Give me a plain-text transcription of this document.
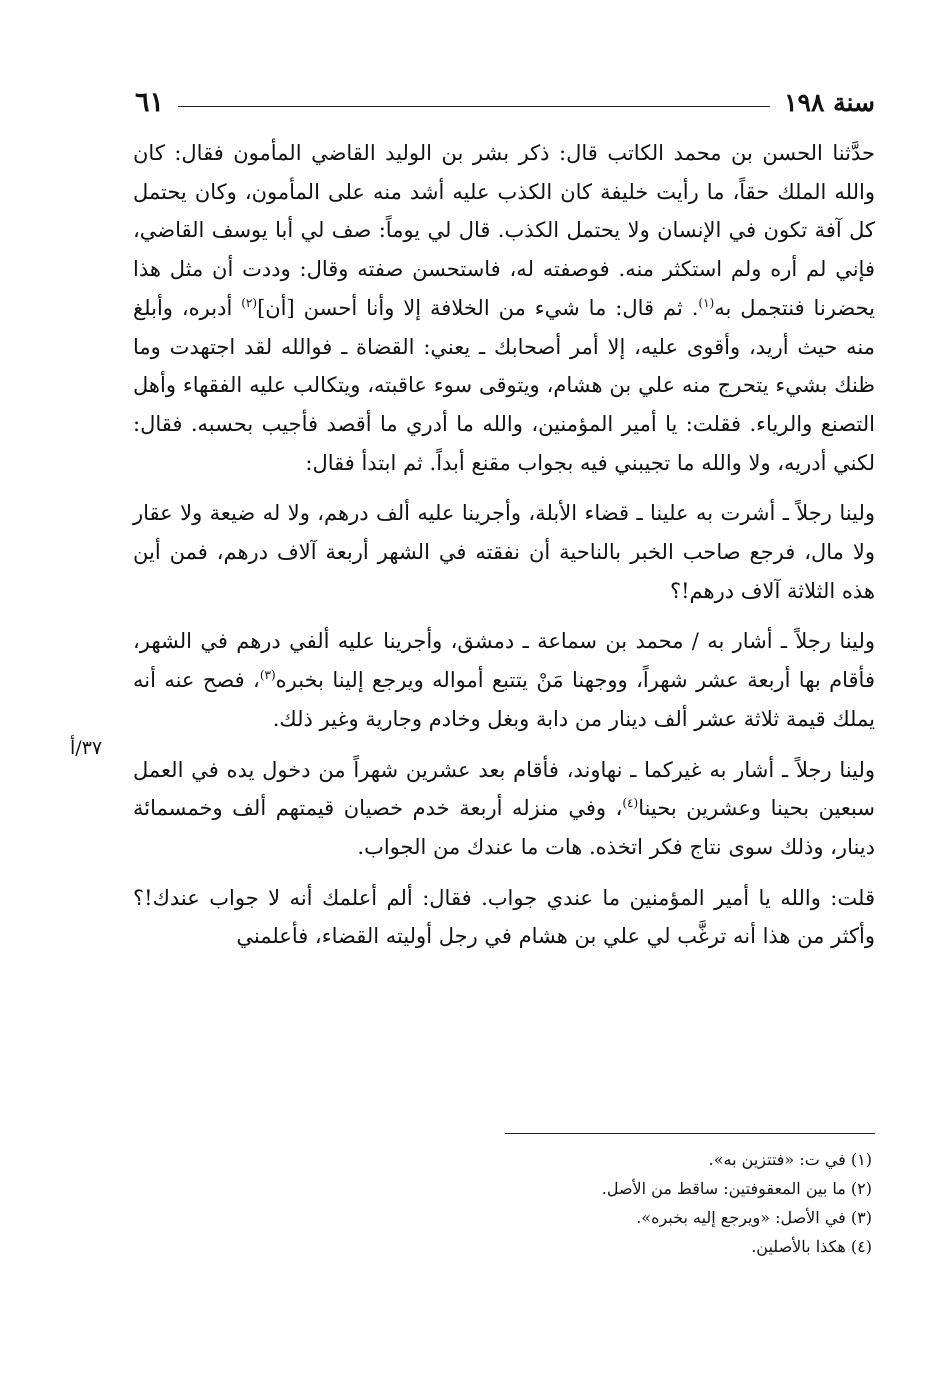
سنة ١٩٨
٦١
٣٧/أ

حدَّثنا الحسن بن محمد الكاتب قال: ذكر بشر بن الوليد القاضي المأمون فقال: كان والله الملك حقاً، ما رأيت خليفة كان الكذب عليه أشد منه على المأمون، وكان يحتمل كل آفة تكون في الإنسان ولا يحتمل الكذب. قال لي يوماً: صف لي أبا يوسف القاضي، فإني لم أره ولم استكثر منه. فوصفته له، فاستحسن صفته وقال: وددت أن مثل هذا يحضرنا فنتجمل به$^{(١)}$. ثم قال: ما شيء من الخلافة إلا وأنا أحسن [أن]$^{(٢)}$ أدبره، وأبلغ منه حيث أريد، وأقوى عليه، إلا أمر أصحابك ـ يعني: القضاة ـ فوالله لقد اجتهدت وما ظنك بشيء يتحرج منه علي بن هشام، ويتوقى سوء عاقبته، ويتكالب عليه الفقهاء وأهل التصنع والرياء. فقلت: يا أمير المؤمنين، والله ما أدري ما أقصد فأجيب بحسبه. فقال: لكني أدريه، ولا والله ما تجيبني فيه بجواب مقنع أبداً. ثم ابتدأ فقال:

ولينا رجلاً ـ أشرت به علينا ـ قضاء الأبلة، وأجرينا عليه ألف درهم، ولا له ضيعة ولا عقار ولا مال، فرجع صاحب الخبر بالناحية أن نفقته في الشهر أربعة آلاف درهم، فمن أين هذه الثلاثة آلاف درهم!؟

ولينا رجلاً ـ أشار به / محمد بن سماعة ـ دمشق، وأجرينا عليه ألفي درهم في الشهر، فأقام بها أربعة عشر شهراً، ووجهنا مَنْ يتتبع أمواله ويرجع إلينا بخبره$^{(٣)}$، فصح عنه أنه يملك قيمة ثلاثة عشر ألف دينار من دابة وبغل وخادم وجارية وغير ذلك.

ولينا رجلاً ـ أشار به غيركما ـ نهاوند، فأقام بعد عشرين شهراً من دخول يده في العمل سبعين بحينا وعشرين بحينا$^{(٤)}$، وفي منزله أربعة خدم خصيان قيمتهم ألف وخمسمائة دينار، وذلك سوى نتاج فكر اتخذه. هات ما عندك من الجواب.

قلت: والله يا أمير المؤمنين ما عندي جواب. فقال: ألم أعلمك أنه لا جواب عندك!؟ وأكثر من هذا أنه ترغَّب لي علي بن هشام في رجل أوليته القضاء، فأعلمني

(١) في ت: «فتتزين به».

(٢) ما بين المعقوفتين: ساقط من الأصل.

(٣) في الأصل: «ويرجع إليه بخبره».

(٤) هكذا بالأصلين.
